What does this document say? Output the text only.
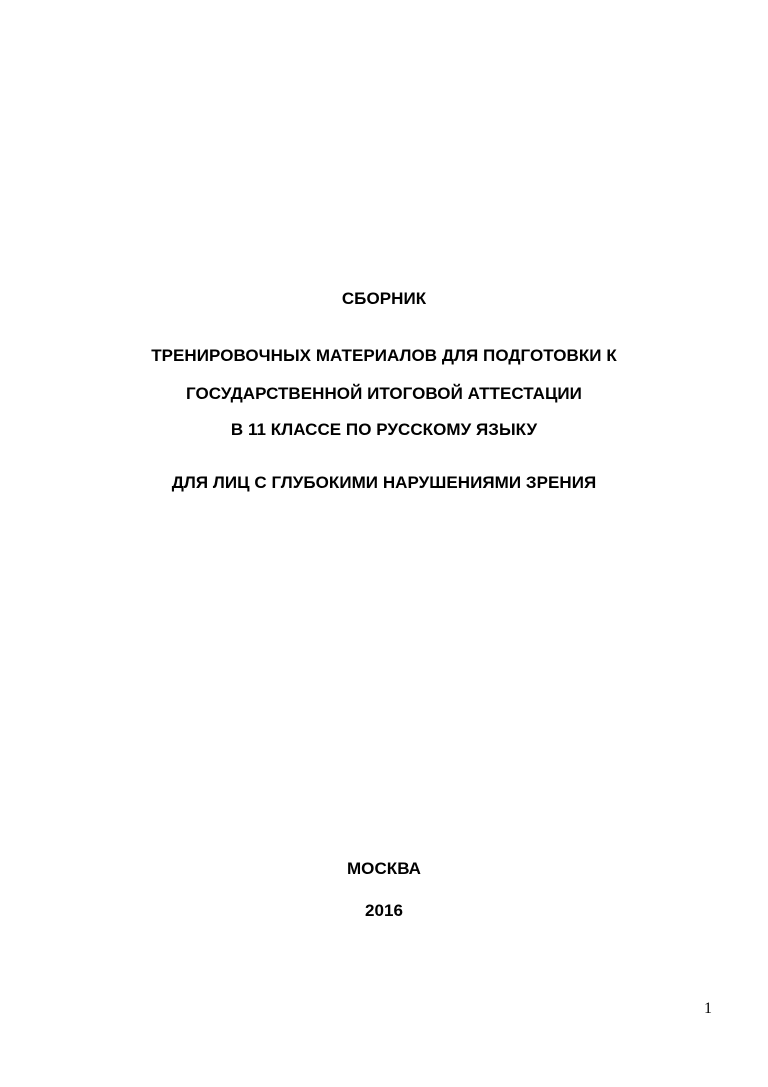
СБОРНИК

ТРЕНИРОВОЧНЫХ МАТЕРИАЛОВ ДЛЯ ПОДГОТОВКИ К

ГОСУДАРСТВЕННОЙ ИТОГОВОЙ АТТЕСТАЦИИ

В 11 КЛАССЕ ПО РУССКОМУ ЯЗЫКУ

ДЛЯ ЛИЦ С ГЛУБОКИМИ НАРУШЕНИЯМИ ЗРЕНИЯ

МОСКВА

2016

1
